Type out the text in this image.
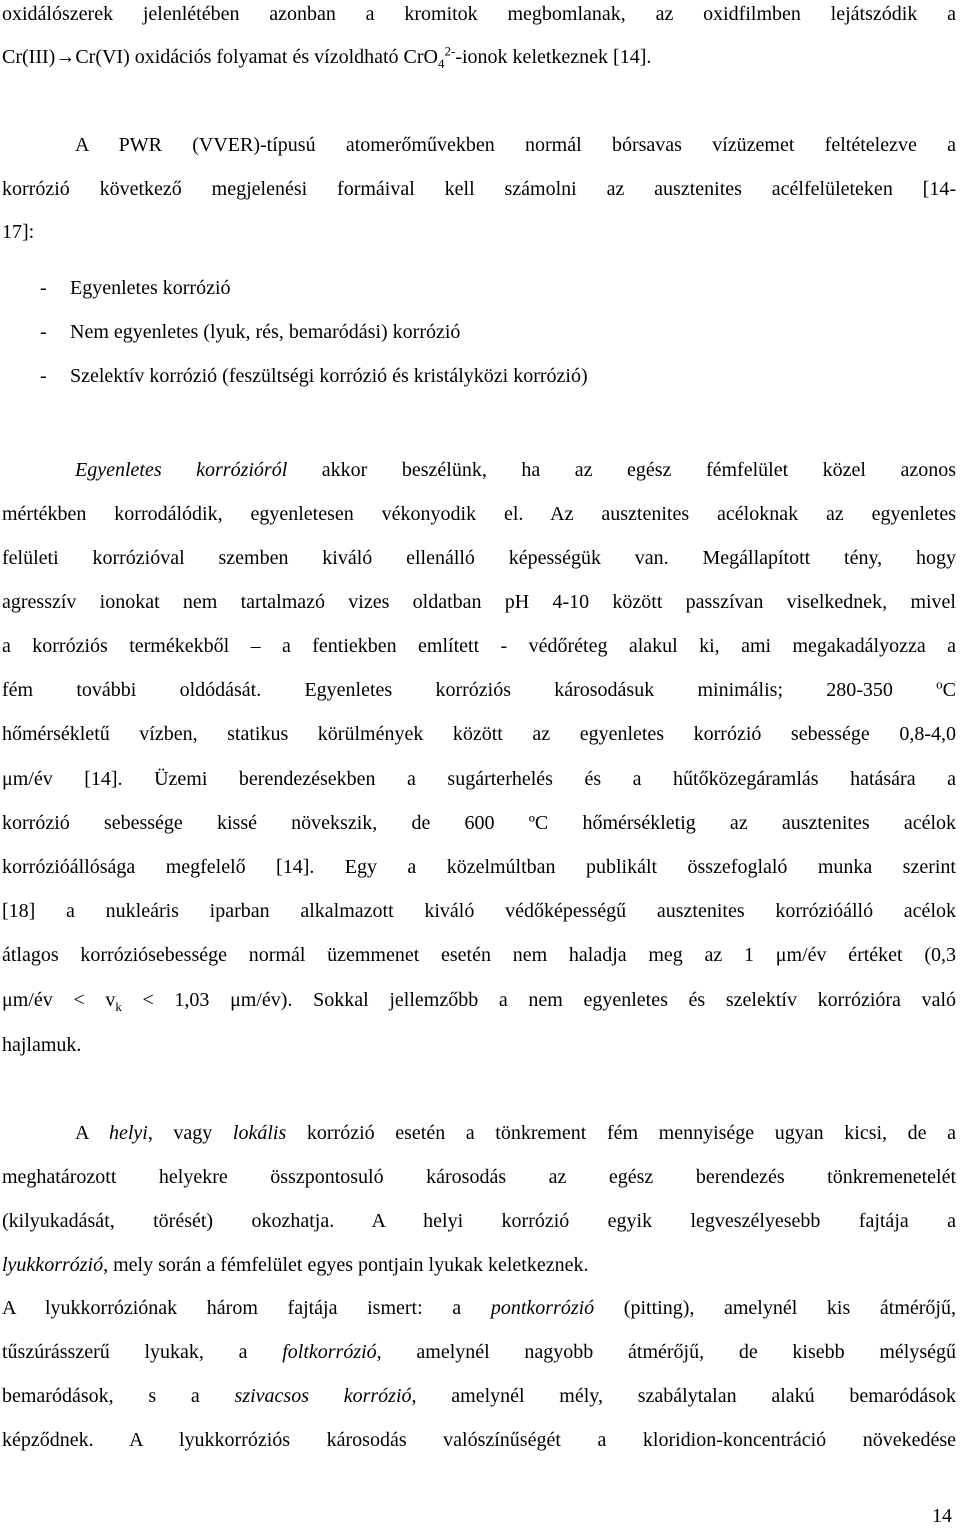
oxidálószerek jelenlétében azonban a kromitok megbomlanak, az oxidfilmben lejátszódik a
Cr(III)→Cr(VI) oxidációs folyamat és vízoldható CrO$_4^{2-}$-ionok keletkeznek [14].
A PWR (VVER)-típusú atomerőművekben normál bórsavas vízüzemet feltételezve a
korrózió következő megjelenési formáival kell számolni az ausztenites acélfelületeken [14-
17]:
- Egyenletes korrózió
- Nem egyenletes (lyuk, rés, bemaródási) korrózió
- Szelektív korrózió (feszültségi korrózió és kristályközi korrózió)
Egyenletes korrózióról akkor beszélünk, ha az egész fémfelület közel azonos
mértékben korrodálódik, egyenletesen vékonyodik el. Az ausztenites acéloknak az egyenletes
felületi korrózióval szemben kiváló ellenálló képességük van. Megállapított tény, hogy
agresszív ionokat nem tartalmazó vizes oldatban pH 4-10 között passzívan viselkednek, mivel
a korróziós termékekből – a fentiekben említett - védőréteg alakul ki, ami megakadályozza a
fém további oldódását. Egyenletes korróziós károsodásuk minimális; 280-350	$^o$C
hőmérsékletű vízben, statikus körülmények között az egyenletes korrózió sebessége 0,8-4,0
μm/év [14]. Üzemi berendezésekben a sugárterhelés és a hűtőközegáramlás hatására a
korrózió sebessége kissé növekszik, de 600 ºC hőmérsékletig az ausztenites acélok
korrózióállósága megfelelő [14]. Egy a közelmúltban publikált összefoglaló munka szerint
[18] a nukleáris iparban alkalmazott kiváló védőképességű ausztenites korrózióálló acélok
átlagos korróziósebessége normál üzemmenet esetén nem haladja meg az 1 μm/év értéket (0,3
μm/év < $v_k < 1,03$ μm/év). Sokkal jellemzőbb a nem egyenletes és szelektív korrózióra való
hajlamuk.
A helyi, vagy lokális korrózió esetén a tönkrement fém mennyisége ugyan kicsi, de a
meghatározott helyekre összpontosuló károsodás az egész berendezés tönkremenetelét
(kilyukadását, törését) okozhatja. A helyi korrózió egyik legveszélyesebb fajtája a
lyukkorrózió, mely során a fémfelület egyes pontjain lyukak keletkeznek.
A lyukkorróziónak három fajtája ismert: a pontkorrózió (pitting), amelynél kis átmérőjű,
tűszúrásszerű lyukak, a foltkorrózió, amelynél nagyobb átmérőjű, de kisebb mélységű
bemaródások, s a szivacsos korrózió, amelynél mély, szabálytalan alakú bemaródások
képződnek. A lyukkorróziós károsodás valószínűségét a kloridion-koncentráció növekedése
14
